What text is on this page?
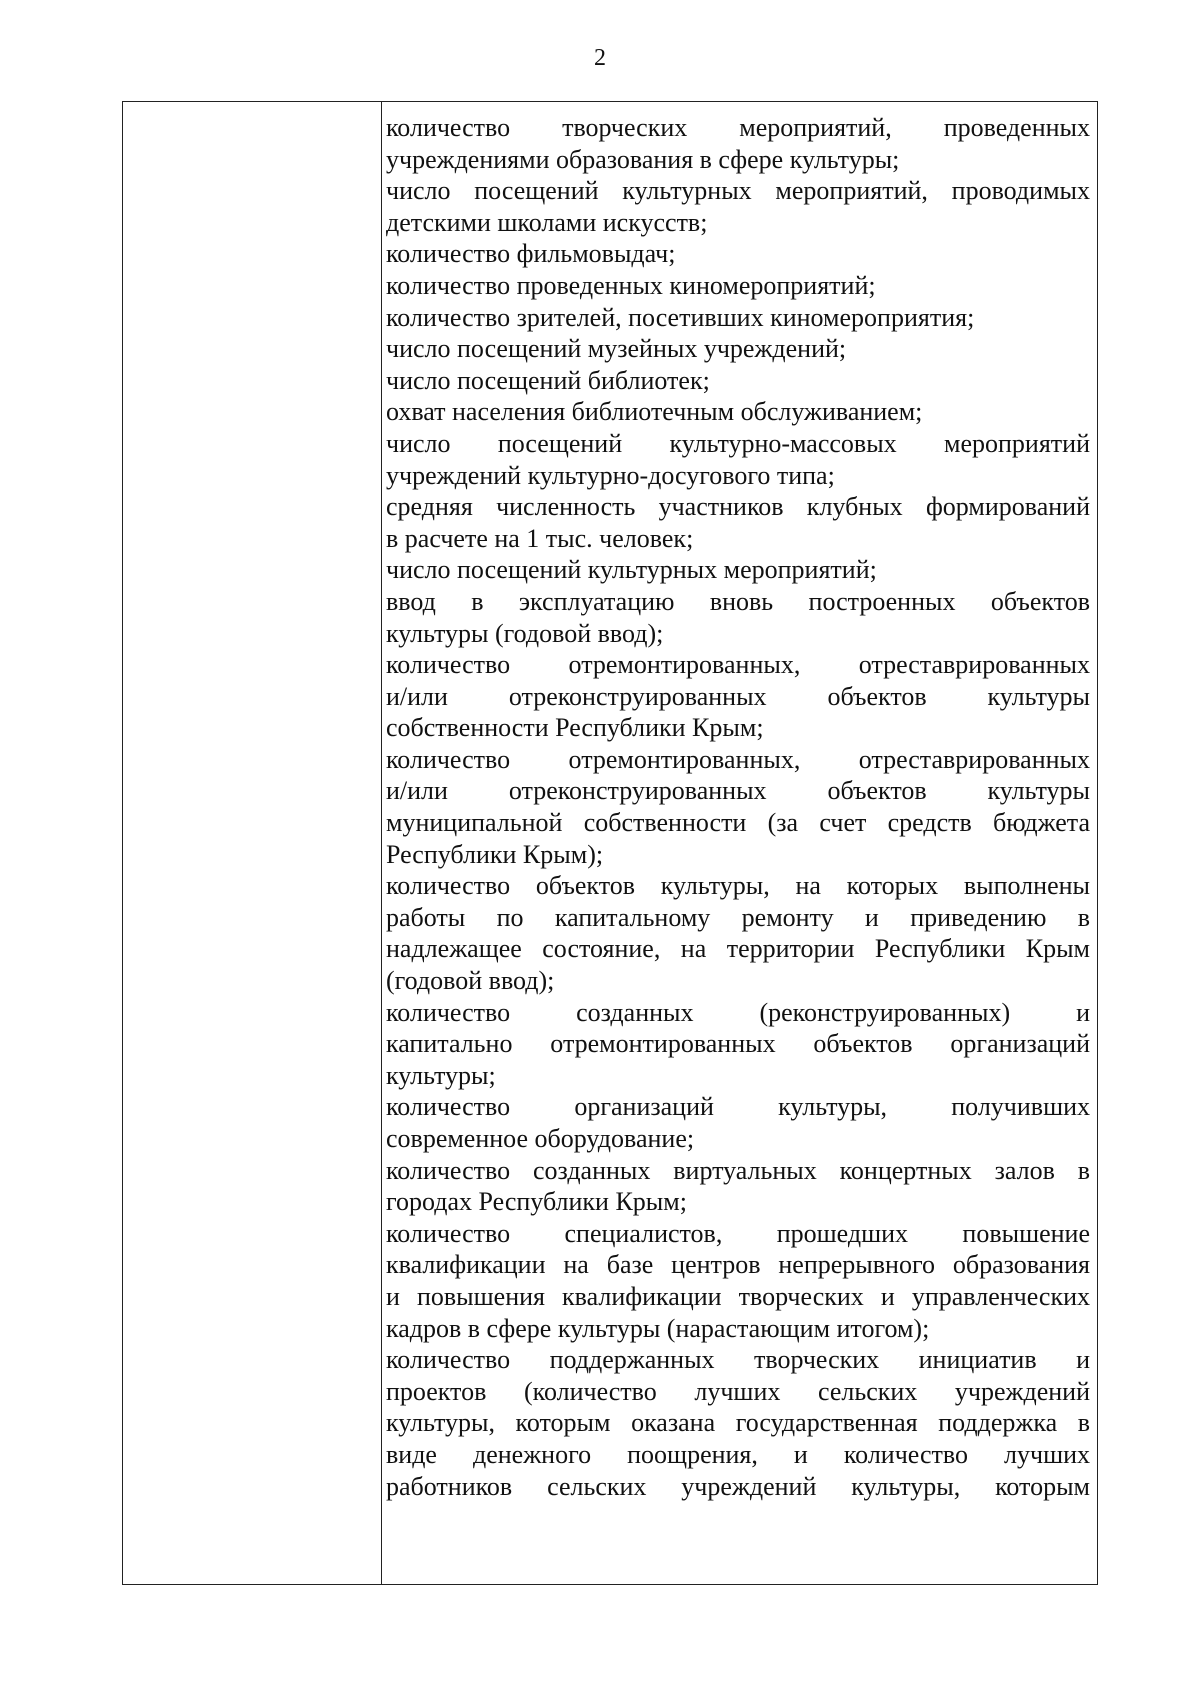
2
количество творческих мероприятий, проведенных
учреждениями образования в сфере культуры;
число посещений культурных мероприятий, проводимых
детскими школами искусств;
количество фильмовыдач;
количество проведенных киномероприятий;
количество зрителей, посетивших киномероприятия;
число посещений музейных учреждений;
число посещений библиотек;
охват населения библиотечным обслуживанием;
число посещений культурно-массовых мероприятий
учреждений культурно-досугового типа;
средняя численность участников клубных формирований
в расчете на 1 тыс. человек;
число посещений культурных мероприятий;
ввод в эксплуатацию вновь построенных объектов
культуры (годовой ввод);
количество отремонтированных, отреставрированных
и/или отреконструированных объектов культуры
собственности Республики Крым;
количество отремонтированных, отреставрированных
и/или отреконструированных объектов культуры
муниципальной собственности (за счет средств бюджета
Республики Крым);
количество объектов культуры, на которых выполнены
работы по капитальному ремонту и приведению в
надлежащее состояние, на территории Республики Крым
(годовой ввод);
количество созданных (реконструированных) и
капитально отремонтированных объектов организаций
культуры;
количество организаций культуры, получивших
современное оборудование;
количество созданных виртуальных концертных залов в
городах Республики Крым;
количество специалистов, прошедших повышение
квалификации на базе центров непрерывного образования
и повышения квалификации творческих и управленческих
кадров в сфере культуры (нарастающим итогом);
количество поддержанных творческих инициатив и
проектов (количество лучших сельских учреждений
культуры, которым оказана государственная поддержка в
виде денежного поощрения, и количество лучших
работников сельских учреждений культуры, которым
